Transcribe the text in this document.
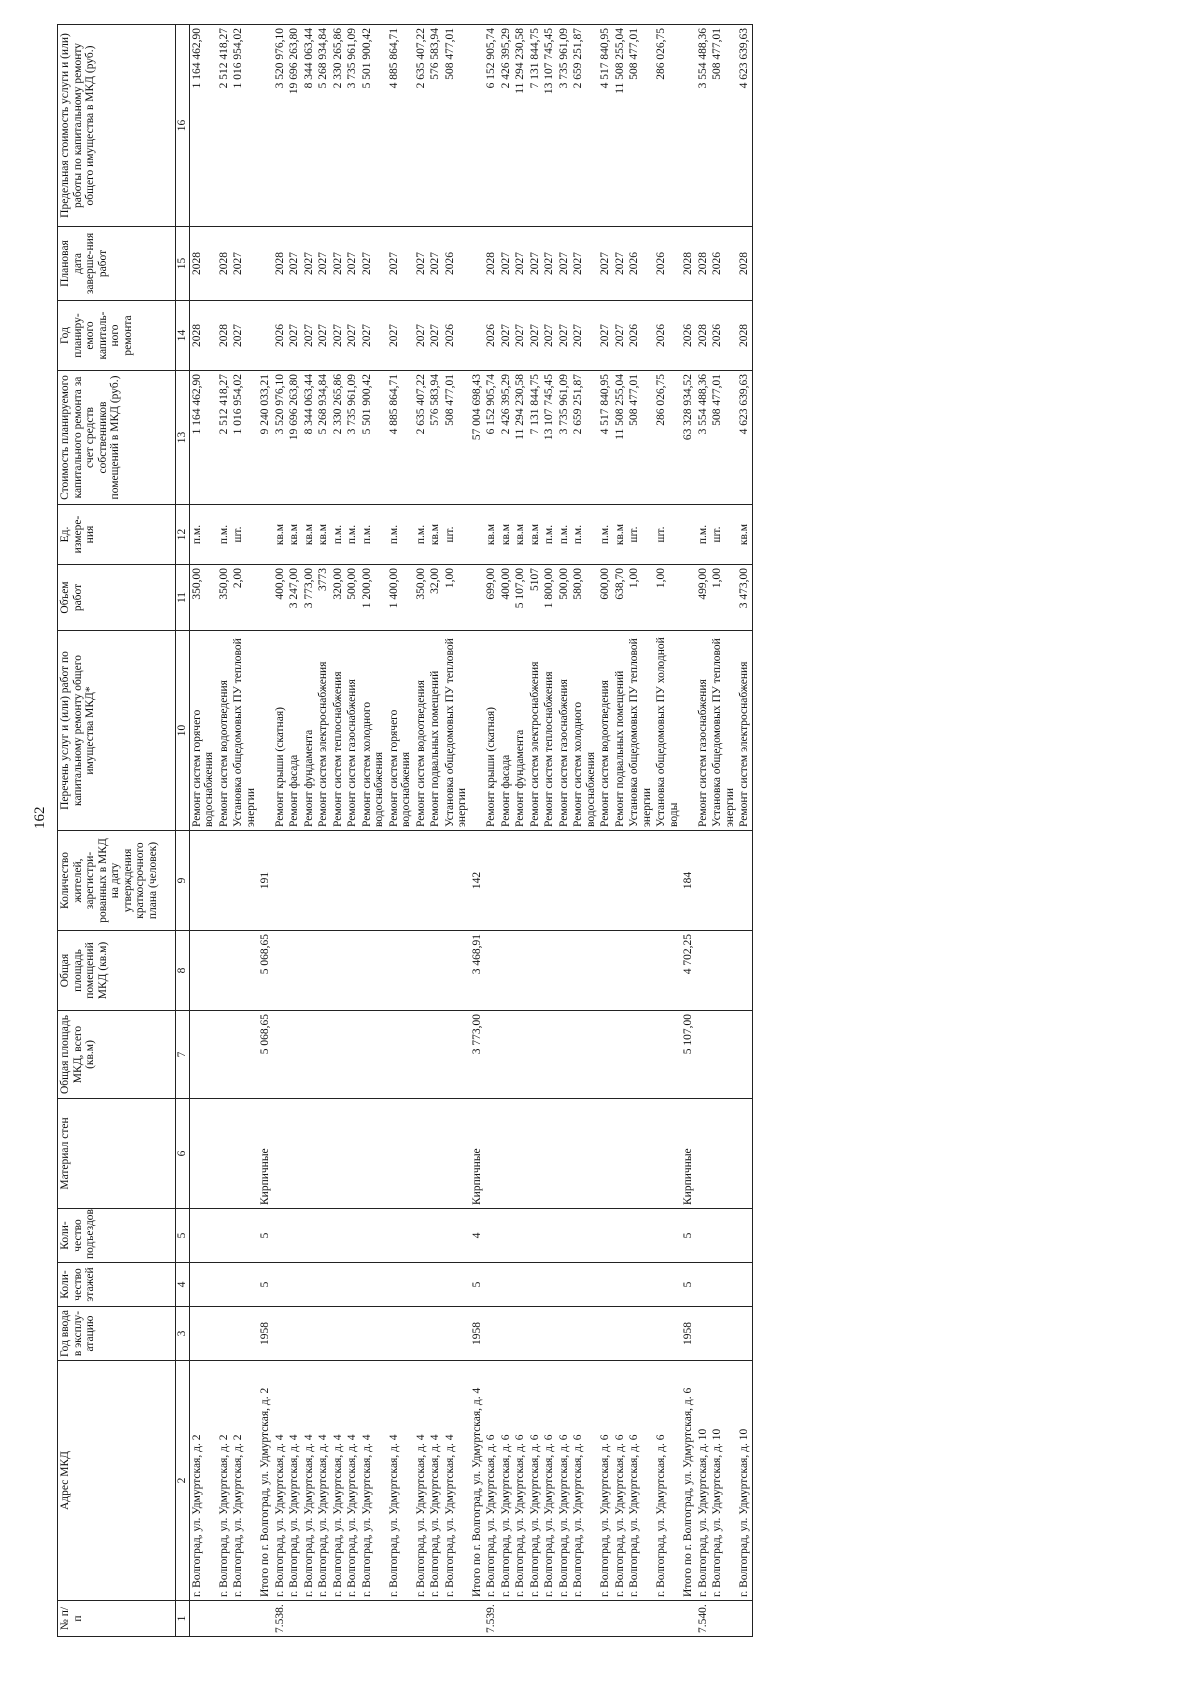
162
№ п/п	Адрес МКД	Год ввода в эксплу-атацию	Коли-чество этажей	Коли-чество подъездов	Материал стен	Общая площадь МКД, всего (кв.м)	Общая площадь помещений МКД (кв.м)	Количество жителей, зарегистри-рованных в МКД на дату утверждения краткосрочного плана (человек)	Перечень услуг и (или) работ по капитальному ремонту общего имущества МКД*	Объем работ	Ед. измере-ния	Стоимость планируемого капитального ремонта за счет средств собственников помещений в МКД (руб.)	Год планиру-емого капиталь-ного ремонта	Плановая дата заверше-ния работ	Предельная стоимость услуги и (или) работы по капитальному ремонту общего имущества в МКД (руб.)
1	2	3	4	5	6	7	8	9	10	11	12	13	14	15	16
	г. Волгоград, ул. Удмуртская, д. 2								Ремонт систем горячего водоснабжения	350,00	п.м.	1 164 462,90	2028	2028	1 164 462,90
	г. Волгоград, ул. Удмуртская, д. 2								Ремонт систем водоотведения	350,00	п.м.	2 512 418,27	2028	2028	2 512 418,27
	г. Волгоград, ул. Удмуртская, д. 2								Установка общедомовых ПУ тепловой энергии	2,00	шт.	1 016 954,02	2027	2027	1 016 954,02
	Итого по г. Волгоград, ул. Удмуртская, д. 2	1958	5	5	Кирпичные	5 068,65	5 068,65	191				9 240 033,21			
7.538.	г. Волгоград, ул. Удмуртская, д. 4								Ремонт крыши (скатная)	400,00	кв.м	3 520 976,10	2026	2028	3 520 976,10
	г. Волгоград, ул. Удмуртская, д. 4								Ремонт фасада	3 247,00	кв.м	19 696 263,80	2027	2027	19 696 263,80
	г. Волгоград, ул. Удмуртская, д. 4								Ремонт фундамента	3 773,00	кв.м	8 344 063,44	2027	2027	8 344 063,44
	г. Волгоград, ул. Удмуртская, д. 4								Ремонт систем электроснабжения	3773	кв.м	5 268 934,84	2027	2027	5 268 934,84
	г. Волгоград, ул. Удмуртская, д. 4								Ремонт систем теплоснабжения	320,00	п.м.	2 330 265,86	2027	2027	2 330 265,86
	г. Волгоград, ул. Удмуртская, д. 4								Ремонт систем газоснабжения	500,00	п.м.	3 735 961,09	2027	2027	3 735 961,09
	г. Волгоград, ул. Удмуртская, д. 4								Ремонт систем холодного водоснабжения	1 200,00	п.м.	5 501 900,42	2027	2027	5 501 900,42
	г. Волгоград, ул. Удмуртская, д. 4								Ремонт систем горячего водоснабжения	1 400,00	п.м.	4 885 864,71	2027	2027	4 885 864,71
	г. Волгоград, ул. Удмуртская, д. 4								Ремонт систем водоотведения	350,00	п.м.	2 635 407,22	2027	2027	2 635 407,22
	г. Волгоград, ул. Удмуртская, д. 4								Ремонт подвальных помещений	32,00	кв.м	576 583,94	2027	2027	576 583,94
	г. Волгоград, ул. Удмуртская, д. 4								Установка общедомовых ПУ тепловой энергии	1,00	шт.	508 477,01	2026	2026	508 477,01
	Итого по г. Волгоград, ул. Удмуртская, д. 4	1958	5	4	Кирпичные	3 773,00	3 468,91	142				57 004 698,43			
7.539.	г. Волгоград, ул. Удмуртская, д. 6								Ремонт крыши (скатная)	699,00	кв.м	6 152 905,74	2026	2028	6 152 905,74
	г. Волгоград, ул. Удмуртская, д. 6								Ремонт фасада	400,00	кв.м	2 426 395,29	2027	2027	2 426 395,29
	г. Волгоград, ул. Удмуртская, д. 6								Ремонт фундамента	5 107,00	кв.м	11 294 230,58	2027	2027	11 294 230,58
	г. Волгоград, ул. Удмуртская, д. 6								Ремонт систем электроснабжения	5107	кв.м	7 131 844,75	2027	2027	7 131 844,75
	г. Волгоград, ул. Удмуртская, д. 6								Ремонт систем теплоснабжения	1 800,00	п.м.	13 107 745,45	2027	2027	13 107 745,45
	г. Волгоград, ул. Удмуртская, д. 6								Ремонт систем газоснабжения	500,00	п.м.	3 735 961,09	2027	2027	3 735 961,09
	г. Волгоград, ул. Удмуртская, д. 6								Ремонт систем холодного водоснабжения	580,00	п.м.	2 659 251,87	2027	2027	2 659 251,87
	г. Волгоград, ул. Удмуртская, д. 6								Ремонт систем водоотведения	600,00	п.м.	4 517 840,95	2027	2027	4 517 840,95
	г. Волгоград, ул. Удмуртская, д. 6								Ремонт подвальных помещений	638,70	кв.м	11 508 255,04	2027	2027	11 508 255,04
	г. Волгоград, ул. Удмуртская, д. 6								Установка общедомовых ПУ тепловой энергии	1,00	шт.	508 477,01	2026	2026	508 477,01
	г. Волгоград, ул. Удмуртская, д. 6								Установка общедомовых ПУ холодной воды	1,00	шт.	286 026,75	2026	2026	286 026,75
	Итого по г. Волгоград, ул. Удмуртская, д. 6	1958	5	5	Кирпичные	5 107,00	4 702,25	184				63 328 934,52	2026	2028	
7.540.	г. Волгоград, ул. Удмуртская, д. 10								Ремонт систем газоснабжения	499,00	п.м.	3 554 488,36	2028	2028	3 554 488,36
	г. Волгоград, ул. Удмуртская, д. 10								Установка общедомовых ПУ тепловой энергии	1,00	шт.	508 477,01	2026	2026	508 477,01
	г. Волгоград, ул. Удмуртская, д. 10								Ремонт систем электроснабжения	3 473,00	кв.м	4 623 639,63	2028	2028	4 623 639,63
